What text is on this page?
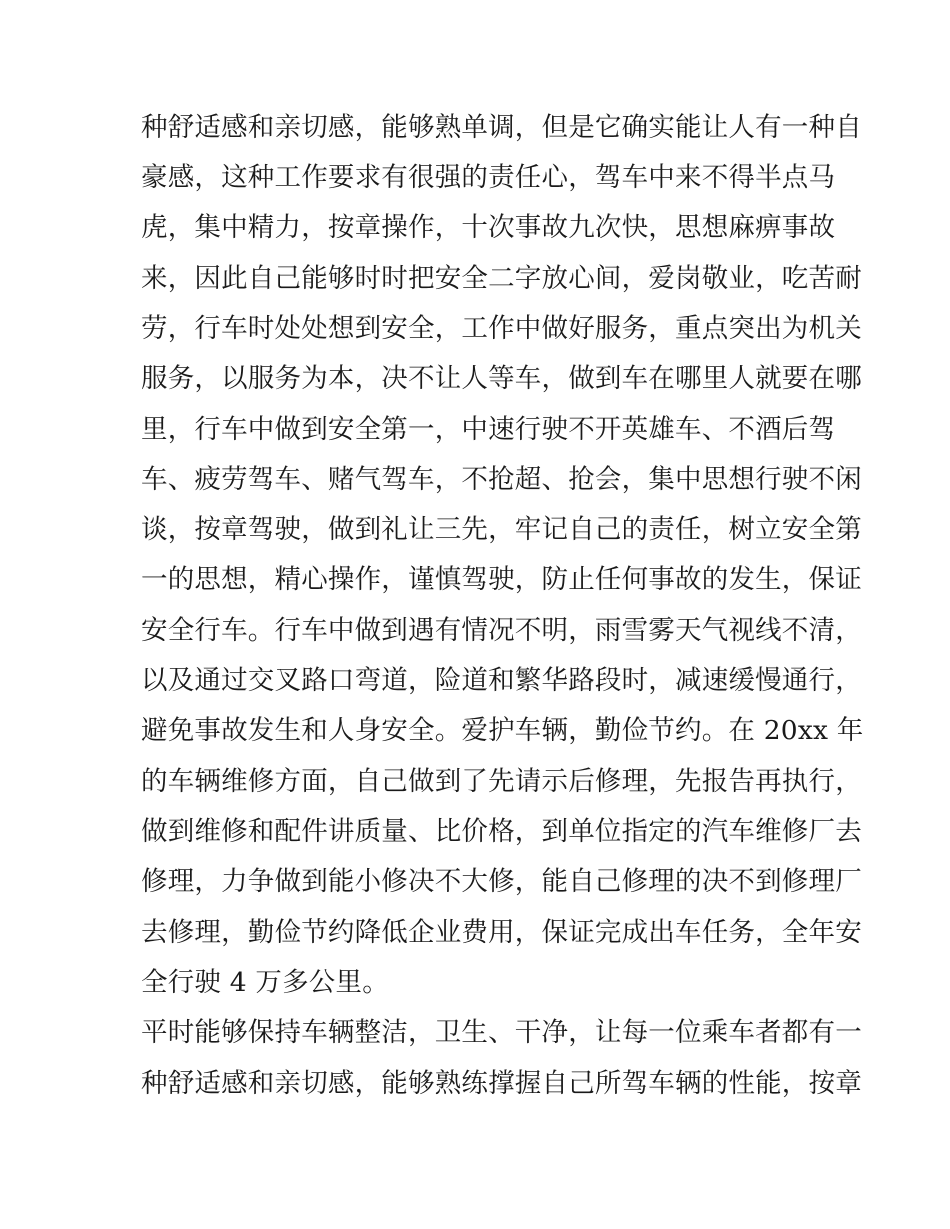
种舒适感和亲切感，能够熟单调，但是它确实能让人有一种自
豪感，这种工作要求有很强的责任心，驾车中来不得半点马
虎，集中精力，按章操作，十次事故九次快，思想麻痹事故
来，因此自己能够时时把安全二字放心间，爱岗敬业，吃苦耐
劳，行车时处处想到安全，工作中做好服务，重点突出为机关
服务，以服务为本，决不让人等车，做到车在哪里人就要在哪
里，行车中做到安全第一，中速行驶不开英雄车、不酒后驾
车、疲劳驾车、赌气驾车，不抢超、抢会，集中思想行驶不闲
谈，按章驾驶，做到礼让三先，牢记自己的责任，树立安全第
一的思想，精心操作，谨慎驾驶，防止任何事故的发生，保证
安全行车。行车中做到遇有情况不明，雨雪雾天气视线不清，
以及通过交叉路口弯道，险道和繁华路段时，减速缓慢通行，
避免事故发生和人身安全。爱护车辆，勤俭节约。在 20xx 年
的车辆维修方面，自己做到了先请示后修理，先报告再执行，
做到维修和配件讲质量、比价格，到单位指定的汽车维修厂去
修理，力争做到能小修决不大修，能自己修理的决不到修理厂
去修理，勤俭节约降低企业费用，保证完成出车任务，全年安
全行驶 4 万多公里。
平时能够保持车辆整洁，卫生、干净，让每一位乘车者都有一
种舒适感和亲切感，能够熟练撑握自己所驾车辆的性能，按章
